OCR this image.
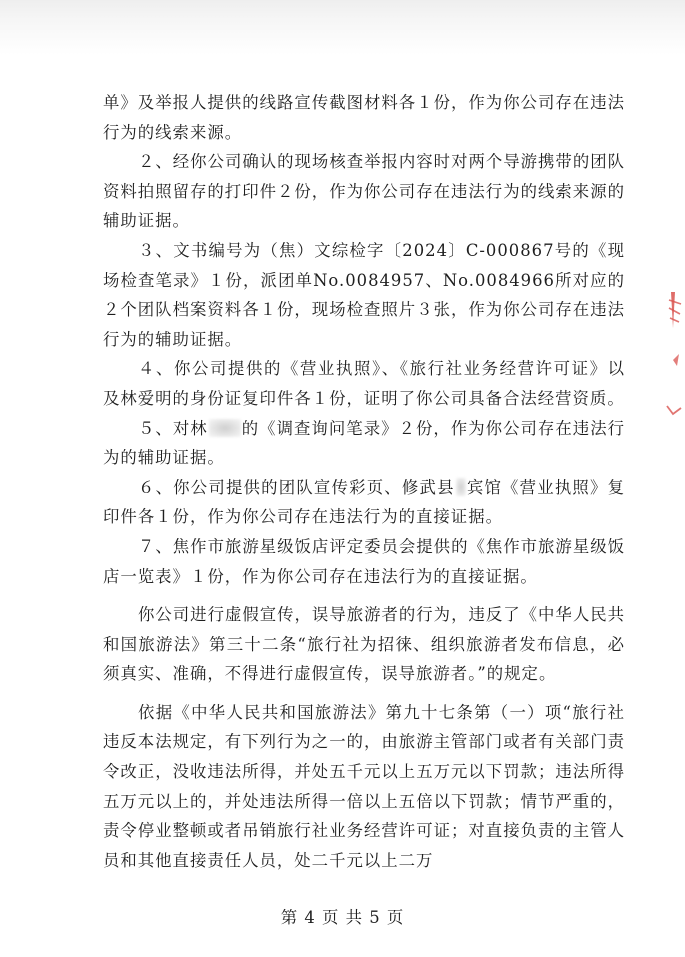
单》及举报人提供的线路宣传截图材料各１份，作为你公司存在违法行为的线索来源。

２、经你公司确认的现场核查举报内容时对两个导游携带的团队资料拍照留存的打印件２份，作为你公司存在违法行为的线索来源的辅助证据。

３、文书编号为（焦）文综检字〔2024〕C-000867号的《现场检查笔录》１份，派团单No.0084957、No.0084966所对应的２个团队档案资料各１份，现场检查照片３张，作为你公司存在违法行为的辅助证据。

４、你公司提供的《营业执照》、《旅行社业务经营许可证》以及林爱明的身份证复印件各１份，证明了你公司具备合法经营资质。

５、对林 的《调查询问笔录》２份，作为你公司存在违法行为的辅助证据。

６、你公司提供的团队宣传彩页、修武县 宾馆《营业执照》复印件各１份，作为你公司存在违法行为的直接证据。

７、焦作市旅游星级饭店评定委员会提供的《焦作市旅游星级饭店一览表》１份，作为你公司存在违法行为的直接证据。

你公司进行虚假宣传，误导旅游者的行为，违反了《中华人民共和国旅游法》第三十二条“旅行社为招徕、组织旅游者发布信息，必须真实、准确，不得进行虚假宣传，误导旅游者。”的规定。

依据《中华人民共和国旅游法》第九十七条第（一）项“旅行社违反本法规定，有下列行为之一的，由旅游主管部门或者有关部门责令改正，没收违法所得，并处五千元以上五万元以下罚款；违法所得五万元以上的，并处违法所得一倍以上五倍以下罚款；情节严重的，责令停业整顿或者吊销旅行社业务经营许可证；对直接负责的主管人员和其他直接责任人员，处二千元以上二万

第 4 页 共 5 页
